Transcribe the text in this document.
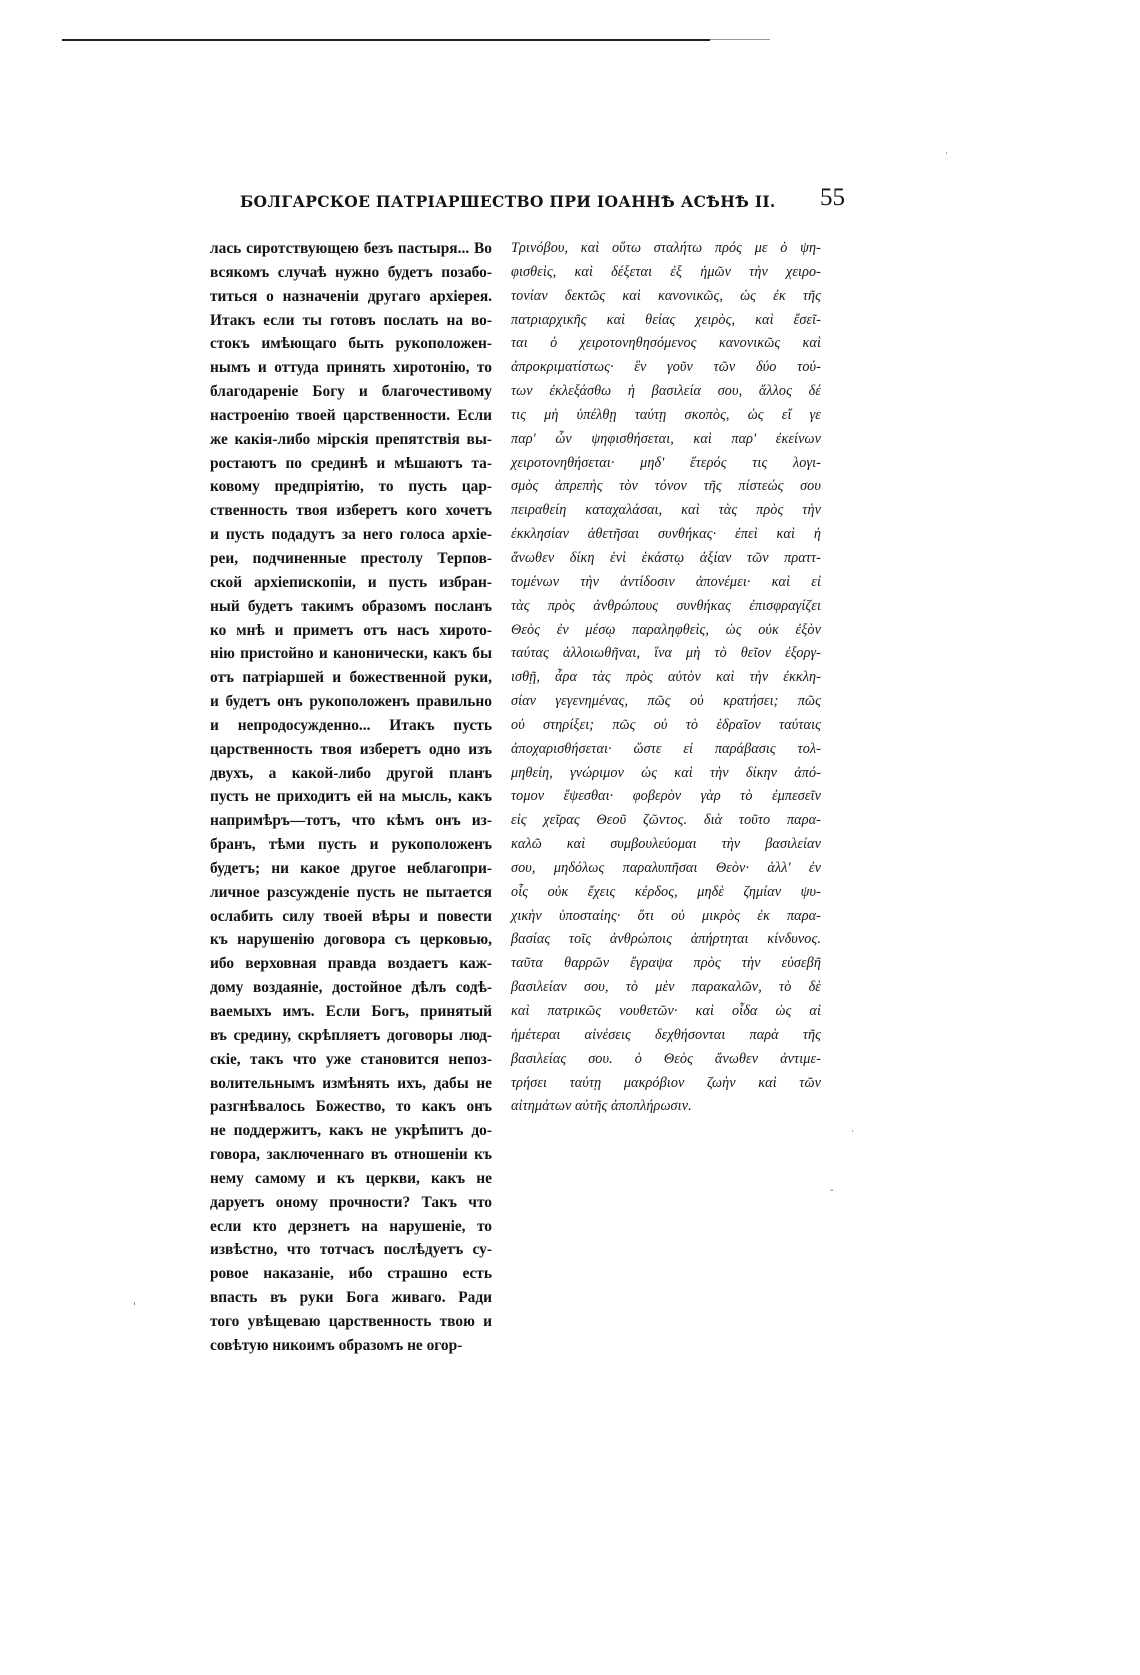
БОЛГАРСКОЕ ПАТРІАРШЕСТВО ПРИ ІОАННѢ АСѢНѢ II. 55
лась сиротствующею безъ пастыря... Во
всякомъ случаѣ нужно будетъ позабо-
титься о назначеніи другаго архіерея.
Итакъ если ты готовъ послать на во-
стокъ имѣющаго быть рукоположен-
нымъ и оттуда принять хиротонію, то
благодареніе Богу и благочестивому
настроенію твоей царственности. Если
же какія-либо мірскія препятствія вы-
ростаютъ по срединѣ и мѣшаютъ та-
ковому предпріятію, то пусть цар-
ственность твоя изберетъ кого хочетъ
и пусть подадутъ за него голоса архіе-
реи, подчиненные престолу Терпов-
ской архіепископіи, и пусть избран-
ный будетъ такимъ образомъ посланъ
ко мнѣ и приметъ отъ насъ хирото-
нію пристойно и канонически, какъ бы
отъ патріаршей и божественной руки,
и будетъ онъ рукоположенъ правильно
и непродосужденно... Итакъ пусть
царственность твоя изберетъ одно изъ
двухъ, а какой-либо другой планъ
пусть не приходитъ ей на мысль, какъ
напримѣръ—тотъ, что кѣмъ онъ из-
бранъ, тѣми пусть и рукоположенъ
будетъ; ни какое другое неблагопри-
личное разсужденіе пусть не пытается
ослабить силу твоей вѣры и повести
къ нарушенію договора съ церковью,
ибо верховная правда воздаетъ каж-
дому воздаяніе, достойное дѣлъ содѣ-
ваемыхъ имъ. Если Богъ, принятый
въ средину, скрѣпляетъ договоры люд-
скіе, такъ что уже становится непоз-
волительнымъ измѣнять ихъ, дабы не
разгнѣвалось Божество, то какъ онъ
не поддержитъ, какъ не укрѣпитъ до-
говора, заключеннаго въ отношеніи къ
нему самому и къ церкви, какъ не
даруетъ оному прочности? Такъ что
если кто дерзнетъ на нарушеніе, то
извѣстно, что тотчасъ послѣдуетъ су-
ровое наказаніе, ибо страшно есть
впасть въ руки Бога живаго. Ради
того увѣщеваю царственность твою и
совѣтую никоимъ образомъ не огор-
Τρινόβου, καὶ οὕτω σταλήτω πρός με ὁ ψη-
φισθεὶς, καὶ δέξεται ἐξ ἡμῶν τὴν χειρο-
τονίαν δεκτῶς καὶ κανονικῶς, ὡς ἐκ τῆς
πατριαρχικῆς καὶ θείας χειρὸς, καὶ ἔσεῖ-
ται ὁ χειροτονηθησόμενος κανονικῶς καὶ
ἀπροκριματίστως· ἓν γοῦν τῶν δύο τού-
των ἐκλεξάσθω ἡ βασιλεία σου, ἄλλος δέ
τις μὴ ὑπέλθῃ ταύτῃ σκοπὸς, ὡς εἴ γε
παρ' ὧν ψηφισθήσεται, καὶ παρ' ἐκείνων
χειροτονηθήσεται· μηδ' ἕτερός τις λογι-
σμὸς ἀπρεπὴς τὸν τόνον τῆς πίστεώς σου
πειραθείη καταχαλάσαι, καὶ τὰς πρὸς τὴν
ἐκκλησίαν ἀθετῆσαι συνθήκας· ἐπεὶ καὶ ἡ
ἄνωθεν δίκη ἑνὶ ἑκάστῳ ἀξίαν τῶν πραττ-
τομένων τὴν ἀντίδοσιν ἀπονέμει· καὶ εἰ
τὰς πρὸς ἀνθρώπους συνθήκας ἐπισφραγίζει
Θεὸς ἐν μέσῳ παραληφθεὶς, ὡς οὐκ ἐξὸν
ταύτας ἀλλοιωθῆναι, ἵνα μὴ τὸ θεῖον ἐξοργ-
ισθῇ, ἆρα τὰς πρὸς αὐτὸν καὶ τὴν ἐκκλη-
σίαν γεγενημένας, πῶς οὐ κρατήσει; πῶς
οὐ στηρίξει; πῶς οὐ τὸ ἑδραῖον ταύταις
ἀποχαρισθήσεται· ὥστε εἰ παράβασις τολ-
μηθείη, γνώριμον ὡς καὶ τὴν δίκην ἀπό-
τομον ἔψεσθαι· φοβερὸν γὰρ τὸ ἐμπεσεῖν
εἰς χεῖρας Θεοῦ ζῶντος. διὰ τοῦτο παρα-
καλῶ καὶ συμβουλεύομαι τὴν βασιλείαν
σου, μηδόλως παραλυπῆσαι Θεὸν· ἀλλ' ἐν
οἷς οὐκ ἔχεις κέρδος, μηδὲ ζημίαν ψυ-
χικὴν ὑποσταίης· ὅτι οὐ μικρὸς ἐκ παρα-
βασίας τοῖς ἀνθρώποις ἀπήρτηται κίνδυνος.
ταῦτα θαρρῶν ἔγραψα πρὸς τὴν εὐσεβῆ
βασιλείαν σου, τὸ μὲν παρακαλῶν, τὸ δὲ
καὶ πατρικῶς νουθετῶν· καὶ οἶδα ὡς αἱ
ἡμέτεραι αἰνέσεις δεχθήσονται παρὰ τῆς
βασιλείας σου. ὁ Θεὸς ἄνωθεν ἀντιμε-
τρήσει ταύτῃ μακρόβιον ζωὴν καὶ τῶν
αἰτημάτων αὐτῆς ἀποπλήρωσιν.
˙
˙
-
ˈ
